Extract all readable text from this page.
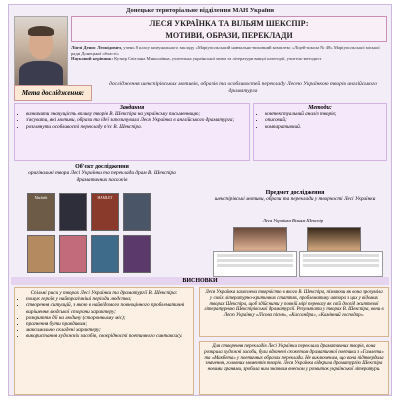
Донецьке територіальне відділення МАН України
ЛЕСЯ УКРАЇНКА ТА ВІЛЬЯМ ШЕКСПІР:
МОТИВИ, ОБРАЗИ, ПЕРЕКЛАДИ
Лінчі Денис Леонідович, учень 8 класу комунального закладу «Маріупольський навчально-виховний комплекс «Ліцей-школа № 48» Маріупольської міської ради Донецької області»
Науковий керівник: Кузнір Світлана Миколаївна, учителька української мови та літератури вищої категорії, учитель-методист
Мета дослідження:
дослідження шекспірівських мотивів, образів та особливостей перекладу Лесею Українкою творів англійського драматурга
Завдання
• визначити значущість впливу творів В. Шекспіра на українську письменницю;
• з'ясувати, які мотиви, образи та ідеї запозичувала Леся Українка в англійського драматурга;
• розглянути особливості перекладу п'єс В. Шекспіра.
Методи:
• контекстуальний аналіз творів;
• описовий;
• компаративний.
Об'єкт дослідження
оригінальні твори Лесі Українки та переклади драм В. Шекспіра драматичних пасажів
Macbeth	HAMLET
Предмет дослідження
шекспірівські мотиви, образи та переклади у творчості Лесі Українки
Леся Українка Вільям Шекспір
ВИСНОВКИ
Спільні риси у творах Лесі Українки та драматургії В. Шекспіра:
• пошук героїв у найтрагічніші періоди людства;
• створення ситуацій, з якою в найвідомого повноцінного проблематичні вирішення людської сторони характеру;
• розкриття дії на людину (сторонньому міс);
• прагнення бути правдивим;
• максимально складені характеру;
• використання художніх засобів, своєрідності поетичного синтаксису.
Леся Українка захоплена творчістю в якого В. Шекспіра, пізнаючи як вона зрозуміла у своїх літературно-критичних статтях, проблематику автора з цих у відомих творах Шекспіра, щоб здійснити у повній мірі перевагу як свій досвід життєвої літературною Шекспірівської драматургії. Результати у творах В. Шекспіра, вони в Лесю Українку «Лісова пісня», «Кассандра», «Камінний господар».
Для створення перекладів Лесі Українки переклали драматичних творів, вона розкрила художні засоби, були вдягнені сюжетом драматичної поетики з «Гамлета» та «Макбета» у поетичних образах переклади. Не виключеним, що вона підтвердила значення, головних моментів творів. Леся Українка відкрила драматургію Шекспіра новими гранями, зробила ним значним внеском у розвиток української літератури.
